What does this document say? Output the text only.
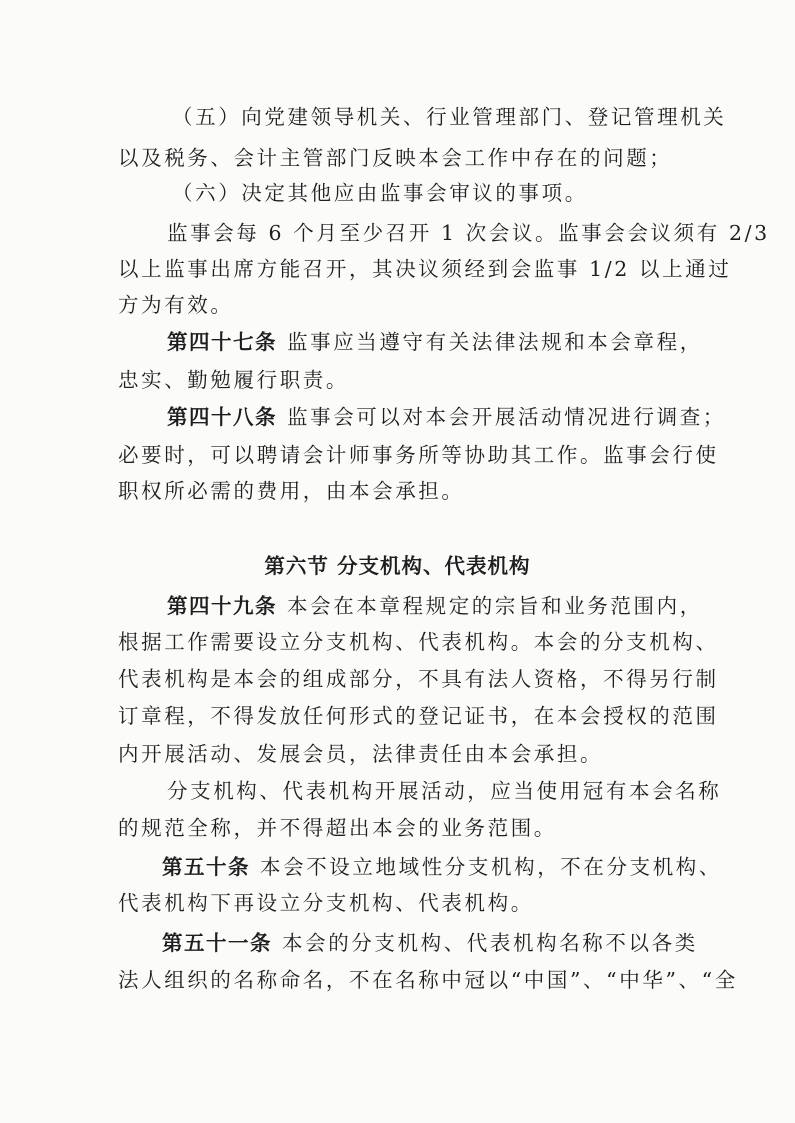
（五）向党建领导机关、行业管理部门、登记管理机关
以及税务、会计主管部门反映本会工作中存在的问题；
（六）决定其他应由监事会审议的事项。
监事会每 6 个月至少召开 1 次会议。监事会会议须有 2/3
以上监事出席方能召开，其决议须经到会监事 1/2 以上通过
方为有效。
第四十七条 监事应当遵守有关法律法规和本会章程，
忠实、勤勉履行职责。
第四十八条 监事会可以对本会开展活动情况进行调查；
必要时，可以聘请会计师事务所等协助其工作。监事会行使
职权所必需的费用，由本会承担。
第六节 分支机构、代表机构
第四十九条 本会在本章程规定的宗旨和业务范围内，
根据工作需要设立分支机构、代表机构。本会的分支机构、
代表机构是本会的组成部分，不具有法人资格，不得另行制
订章程，不得发放任何形式的登记证书，在本会授权的范围
内开展活动、发展会员，法律责任由本会承担。
分支机构、代表机构开展活动，应当使用冠有本会名称
的规范全称，并不得超出本会的业务范围。
第五十条 本会不设立地域性分支机构，不在分支机构、
代表机构下再设立分支机构、代表机构。
第五十一条 本会的分支机构、代表机构名称不以各类
法人组织的名称命名，不在名称中冠以“中国”、“中华”、“全
